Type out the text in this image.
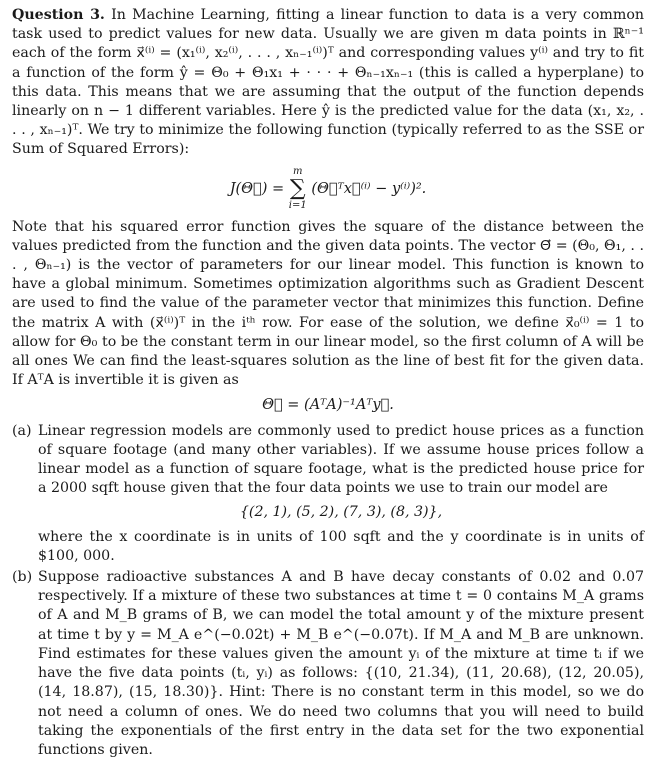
Question 3. In Machine Learning, fitting a linear function to data is a very common task used to predict values for new data. Usually we are given m data points in ℝⁿ⁻¹ each of the form x⃗⁽ⁱ⁾ = (x₁⁽ⁱ⁾, x₂⁽ⁱ⁾, . . . , xₙ₋₁⁽ⁱ⁾)ᵀ and corresponding values y⁽ⁱ⁾ and try to fit a function of the form ŷ = Θ₀ + Θ₁x₁ + · · · + Θₙ₋₁xₙ₋₁ (this is called a hyperplane) to this data. This means that we are assuming that the output of the function depends linearly on n − 1 different variables. Here ŷ is the predicted value for the data (x₁, x₂, . . . , xₙ₋₁)ᵀ. We try to minimize the following function (typically referred to as the SSE or Sum of Squared Errors):

J(Θ⃗) =
m
∑
i=1
(Θ⃗ᵀx⃗⁽ⁱ⁾ − y⁽ⁱ⁾)².

Note that his squared error function gives the square of the distance between the values predicted from the function and the given data points. The vector Θ⃗ = (Θ₀, Θ₁, . . . , Θₙ₋₁) is the vector of parameters for our linear model. This function is known to have a global minimum. Sometimes optimization algorithms such as Gradient Descent are used to find the value of the parameter vector that minimizes this function. Define the matrix A with (x⃗⁽ⁱ⁾)ᵀ in the iᵗʰ row. For ease of the solution, we define x⃗₀⁽ⁱ⁾ = 1 to allow for Θ₀ to be the constant term in our linear model, so the first column of A will be all ones We can find the least-squares solution as the line of best fit for the given data. If AᵀA is invertible it is given as

Θ⃗ = (AᵀA)⁻¹Aᵀy⃗.
(a) Linear regression models are commonly used to predict house prices as a function of square footage (and many other variables). If we assume house prices follow a linear model as a function of square footage, what is the predicted house price for a 2000 sqft house given that the four data points we use to train our model are

{(2, 1), (5, 2), (7, 3), (8, 3)},

where the x coordinate is in units of 100 sqft and the y coordinate is in units of $100, 000.

(b) Suppose radioactive substances A and B have decay constants of 0.02 and 0.07 respectively. If a mixture of these two substances at time t = 0 contains M_A grams of A and M_B grams of B, we can model the total amount y of the mixture present at time t by y = M_A e^(−0.02t) + M_B e^(−0.07t). If M_A and M_B are unknown. Find estimates for these values given the amount yᵢ of the mixture at time tᵢ if we have the five data points (tᵢ, yᵢ) as follows: {(10, 21.34), (11, 20.68), (12, 20.05), (14, 18.87), (15, 18.30)}. Hint: There is no constant term in this model, so we do not need a column of ones. We do need two columns that you will need to build taking the exponentials of the first entry in the data set for the two exponential functions given.
